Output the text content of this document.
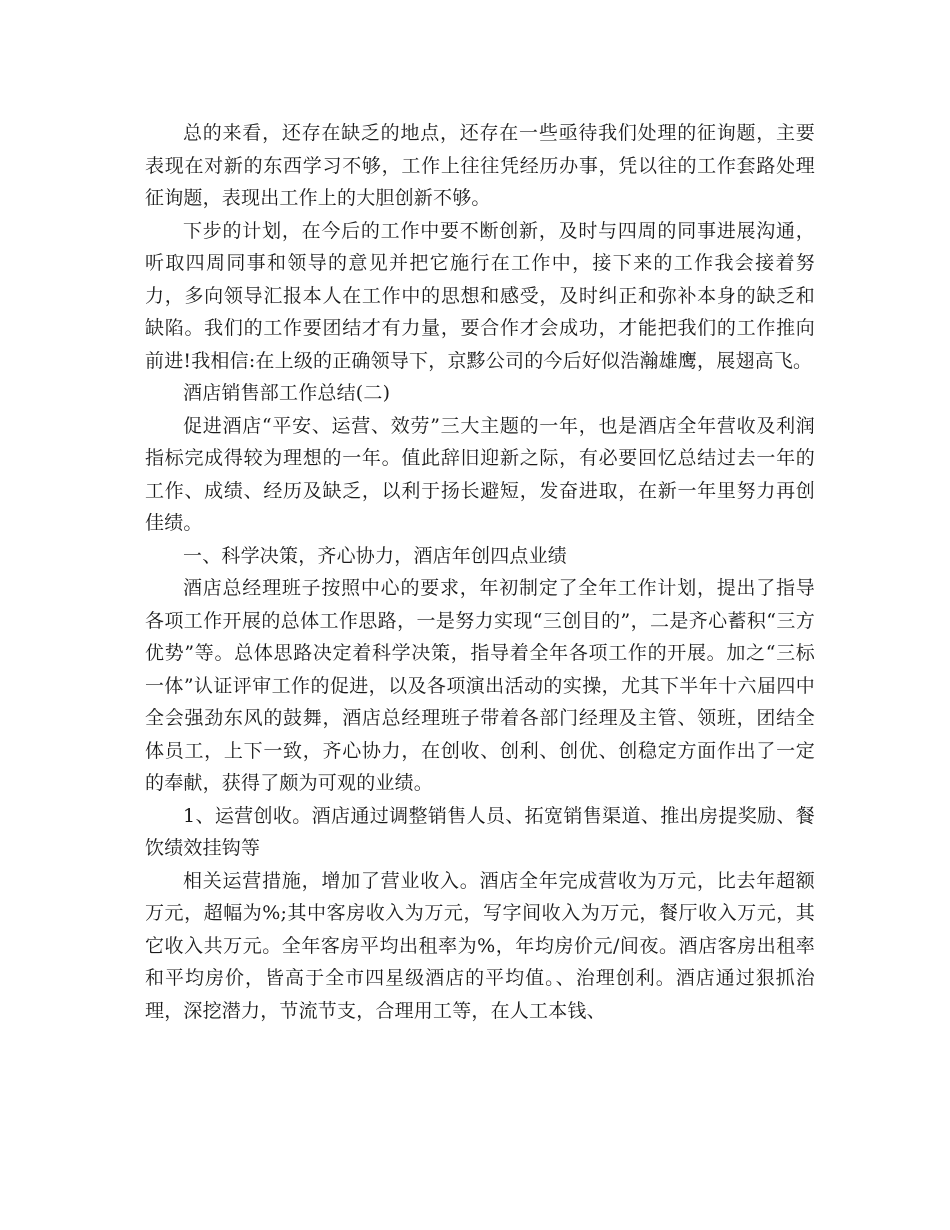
总的来看，还存在缺乏的地点，还存在一些亟待我们处理的征询题，主要表现在对新的东西学习不够，工作上往往凭经历办事，凭以往的工作套路处理征询题，表现出工作上的大胆创新不够。

下步的计划，在今后的工作中要不断创新，及时与四周的同事进展沟通，听取四周同事和领导的意见并把它施行在工作中，接下来的工作我会接着努力，多向领导汇报本人在工作中的思想和感受，及时纠正和弥补本身的缺乏和缺陷。我们的工作要团结才有力量，要合作才会成功，才能把我们的工作推向前进!我相信:在上级的正确领导下，京黟公司的今后好似浩瀚雄鹰，展翅高飞。

酒店销售部工作总结(二)

促进酒店“平安、运营、效劳”三大主题的一年，也是酒店全年营收及利润指标完成得较为理想的一年。值此辞旧迎新之际，有必要回忆总结过去一年的工作、成绩、经历及缺乏，以利于扬长避短，发奋进取，在新一年里努力再创佳绩。

一、科学决策，齐心协力，酒店年创四点业绩

酒店总经理班子按照中心的要求，年初制定了全年工作计划，提出了指导各项工作开展的总体工作思路，一是努力实现“三创目的”，二是齐心蓄积“三方优势”等。总体思路决定着科学决策，指导着全年各项工作的开展。加之“三标一体”认证评审工作的促进，以及各项演出活动的实操，尤其下半年十六届四中全会强劲东风的鼓舞，酒店总经理班子带着各部门经理及主管、领班，团结全体员工，上下一致，齐心协力，在创收、创利、创优、创稳定方面作出了一定的奉献，获得了颇为可观的业绩。

1、运营创收。酒店通过调整销售人员、拓宽销售渠道、推出房提奖励、餐饮绩效挂钩等

相关运营措施，增加了营业收入。酒店全年完成营收为万元，比去年超额万元，超幅为%;其中客房收入为万元，写字间收入为万元，餐厅收入万元，其它收入共万元。全年客房平均出租率为%，年均房价元/间夜。酒店客房出租率和平均房价，皆高于全市四星级酒店的平均值。、治理创利。酒店通过狠抓治理，深挖潜力，节流节支，合理用工等，在人工本钱、
